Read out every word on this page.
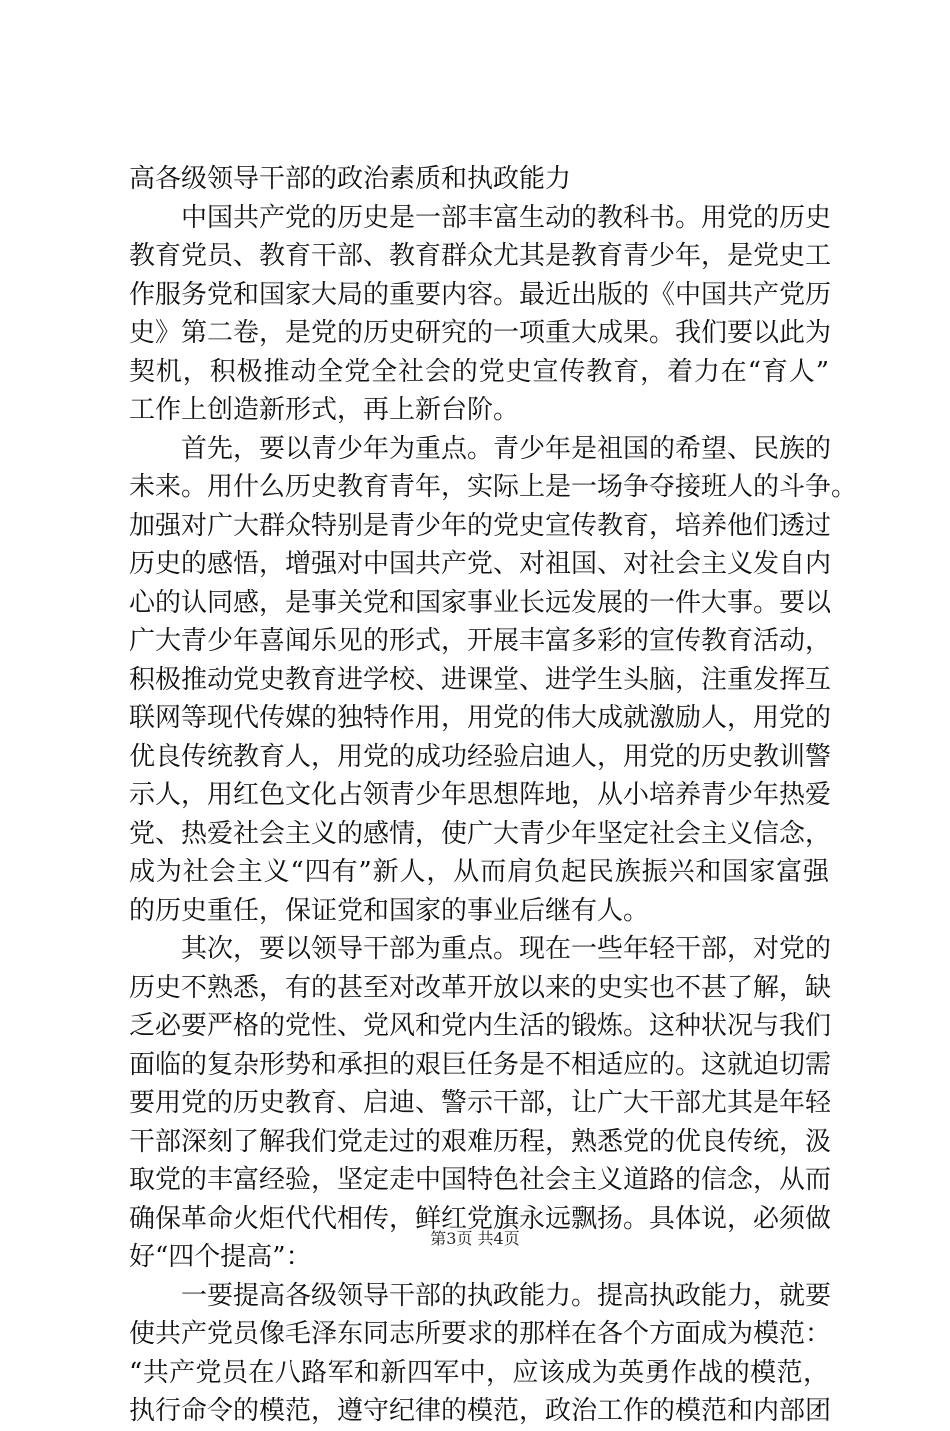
高各级领导干部的政治素质和执政能力
中国共产党的历史是一部丰富生动的教科书。用党的历史
教育党员、教育干部、教育群众尤其是教育青少年，是党史工
作服务党和国家大局的重要内容。最近出版的《中国共产党历
史》第二卷，是党的历史研究的一项重大成果。我们要以此为
契机，积极推动全党全社会的党史宣传教育，着力在“育人”
工作上创造新形式，再上新台阶。
首先，要以青少年为重点。青少年是祖国的希望、民族的
未来。用什么历史教育青年，实际上是一场争夺接班人的斗争。
加强对广大群众特别是青少年的党史宣传教育，培养他们透过
历史的感悟，增强对中国共产党、对祖国、对社会主义发自内
心的认同感，是事关党和国家事业长远发展的一件大事。要以
广大青少年喜闻乐见的形式，开展丰富多彩的宣传教育活动，
积极推动党史教育进学校、进课堂、进学生头脑，注重发挥互
联网等现代传媒的独特作用，用党的伟大成就激励人，用党的
优良传统教育人，用党的成功经验启迪人，用党的历史教训警
示人，用红色文化占领青少年思想阵地，从小培养青少年热爱
党、热爱社会主义的感情，使广大青少年坚定社会主义信念，
成为社会主义“四有”新人，从而肩负起民族振兴和国家富强
的历史重任，保证党和国家的事业后继有人。
其次，要以领导干部为重点。现在一些年轻干部，对党的
历史不熟悉，有的甚至对改革开放以来的史实也不甚了解，缺
乏必要严格的党性、党风和党内生活的锻炼。这种状况与我们
面临的复杂形势和承担的艰巨任务是不相适应的。这就迫切需
要用党的历史教育、启迪、警示干部，让广大干部尤其是年轻
干部深刻了解我们党走过的艰难历程，熟悉党的优良传统，汲
取党的丰富经验，坚定走中国特色社会主义道路的信念，从而
确保革命火炬代代相传，鲜红党旗永远飘扬。具体说，必须做
好“四个提高”：
一要提高各级领导干部的执政能力。提高执政能力，就要
使共产党员像毛泽东同志所要求的那样在各个方面成为模范：
“共产党员在八路军和新四军中，应该成为英勇作战的模范，
执行命令的模范，遵守纪律的模范，政治工作的模范和内部团
第3页 共4页
